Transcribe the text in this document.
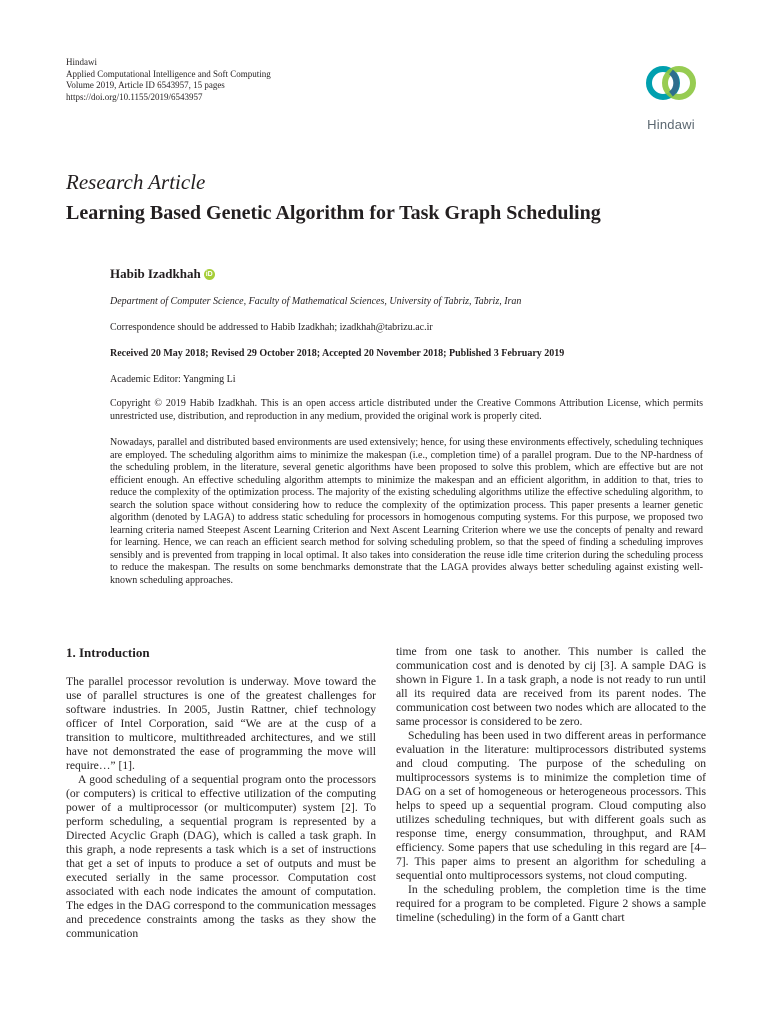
Hindawi
Applied Computational Intelligence and Soft Computing
Volume 2019, Article ID 6543957, 15 pages
https://doi.org/10.1155/2019/6543957
Hindawi
Research Article
Learning Based Genetic Algorithm for Task Graph Scheduling
Habib Izadkhah iD
Department of Computer Science, Faculty of Mathematical Sciences, University of Tabriz, Tabriz, Iran
Correspondence should be addressed to Habib Izadkhah; izadkhah@tabrizu.ac.ir
Received 20 May 2018; Revised 29 October 2018; Accepted 20 November 2018; Published 3 February 2019
Academic Editor: Yangming Li
Copyright © 2019 Habib Izadkhah. This is an open access article distributed under the Creative Commons Attribution License, which permits unrestricted use, distribution, and reproduction in any medium, provided the original work is properly cited.
Nowadays, parallel and distributed based environments are used extensively; hence, for using these environments effectively, scheduling techniques are employed. The scheduling algorithm aims to minimize the makespan (i.e., completion time) of a parallel program. Due to the NP-hardness of the scheduling problem, in the literature, several genetic algorithms have been proposed to solve this problem, which are effective but are not efficient enough. An effective scheduling algorithm attempts to minimize the makespan and an efficient algorithm, in addition to that, tries to reduce the complexity of the optimization process. The majority of the existing scheduling algorithms utilize the effective scheduling algorithm, to search the solution space without considering how to reduce the complexity of the optimization process. This paper presents a learner genetic algorithm (denoted by LAGA) to address static scheduling for processors in homogenous computing systems. For this purpose, we proposed two learning criteria named Steepest Ascent Learning Criterion and Next Ascent Learning Criterion where we use the concepts of penalty and reward for learning. Hence, we can reach an efficient search method for solving scheduling problem, so that the speed of finding a scheduling improves sensibly and is prevented from trapping in local optimal. It also takes into consideration the reuse idle time criterion during the scheduling process to reduce the makespan. The results on some benchmarks demonstrate that the LAGA provides always better scheduling against existing well-known scheduling approaches.
1. Introduction

The parallel processor revolution is underway. Move toward the use of parallel structures is one of the greatest challenges for software industries. In 2005, Justin Rattner, chief technology officer of Intel Corporation, said “We are at the cusp of a transition to multicore, multithreaded architectures, and we still have not demonstrated the ease of programming the move will require…” [1].

A good scheduling of a sequential program onto the processors (or computers) is critical to effective utilization of the computing power of a multiprocessor (or multicomputer) system [2]. To perform scheduling, a sequential program is represented by a Directed Acyclic Graph (DAG), which is called a task graph. In this graph, a node represents a task which is a set of instructions that get a set of inputs to produce a set of outputs and must be executed serially in the same processor. Computation cost associated with each node indicates the amount of computation. The edges in the DAG correspond to the communication messages and precedence constraints among the tasks as they show the communication

time from one task to another. This number is called the communication cost and is denoted by cij [3]. A sample DAG is shown in Figure 1. In a task graph, a node is not ready to run until all its required data are received from its parent nodes. The communication cost between two nodes which are allocated to the same processor is considered to be zero.

Scheduling has been used in two different areas in performance evaluation in the literature: multiprocessors distributed systems and cloud computing. The purpose of the scheduling on multiprocessors systems is to minimize the completion time of DAG on a set of homogeneous or heterogeneous processors. This helps to speed up a sequential program. Cloud computing also utilizes scheduling techniques, but with different goals such as response time, energy consummation, throughput, and RAM efficiency. Some papers that use scheduling in this regard are [4–7]. This paper aims to present an algorithm for scheduling a sequential onto multiprocessors systems, not cloud computing.

In the scheduling problem, the completion time is the time required for a program to be completed. Figure 2 shows a sample timeline (scheduling) in the form of a Gantt chart
